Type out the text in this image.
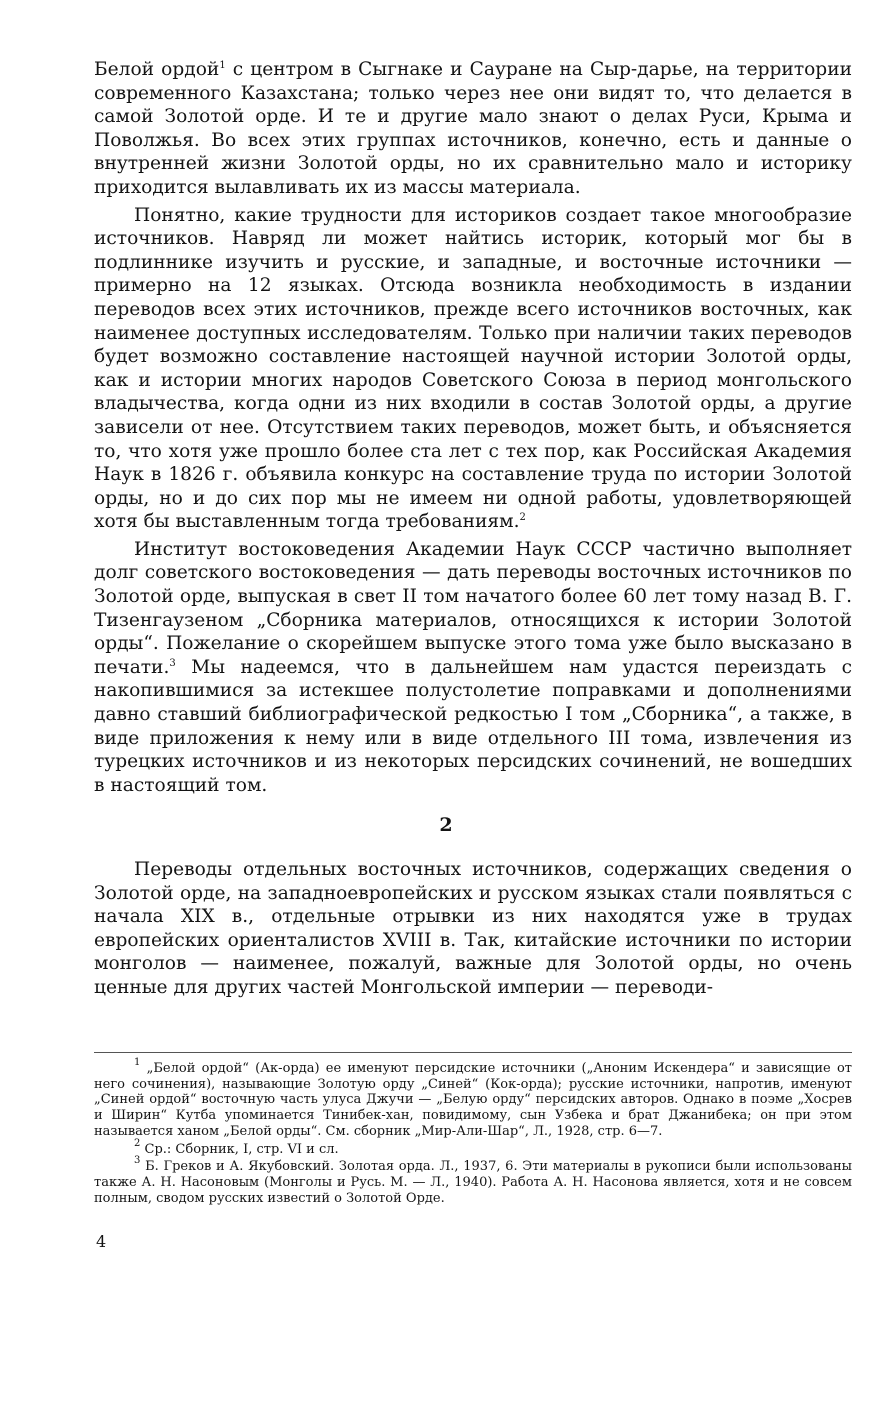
Белой ордой$^1$ с центром в Сыгнаке и Сауране на Сыр-дарье, на территории современного Казахстана; только через нее они видят то, что делается в самой Золотой орде. И те и другие мало знают о делах Руси, Крыма и Поволжья. Во всех этих группах источников, конечно, есть и данные о внутренней жизни Золотой орды, но их сравнительно мало и историку приходится вылавливать их из массы материала.

Понятно, какие трудности для историков создает такое многообразие источников. Навряд ли может найтись историк, который мог бы в подлиннике изучить и русские, и западные, и восточные источники — примерно на 12 языках. Отсюда возникла необходимость в издании переводов всех этих источников, прежде всего источников восточных, как наименее доступных исследователям. Только при наличии таких переводов будет возможно составление настоящей научной истории Золотой орды, как и истории многих народов Советского Союза в период монгольского владычества, когда одни из них входили в состав Золотой орды, а другие зависели от нее. Отсутствием таких переводов, может быть, и объясняется то, что хотя уже прошло более ста лет с тех пор, как Российская Академия Наук в 1826 г. объявила конкурс на составление труда по истории Золотой орды, но и до сих пор мы не имеем ни одной работы, удовлетворяющей хотя бы выставленным тогда требованиям.$^2$

Институт востоковедения Академии Наук СССР частично выполняет долг советского востоковедения — дать переводы восточных источников по Золотой орде, выпуская в свет II том начатого более 60 лет тому назад В. Г. Тизенгаузеном „Сборника материалов, относящихся к истории Золотой орды“. Пожелание о скорейшем выпуске этого тома уже было высказано в печати.$^3$ Мы надеемся, что в дальнейшем нам удастся переиздать с накопившимися за истекшее полустолетие поправками и дополнениями давно ставший библиографической редкостью I том „Сборника“, а также, в виде приложения к нему или в виде отдельного III тома, извлечения из турецких источников и из некоторых персидских сочинений, не вошедших в настоящий том.

2

Переводы отдельных восточных источников, содержащих сведения о Золотой орде, на западноевропейских и русском языках стали появляться с начала XIX в., отдельные отрывки из них находятся уже в трудах европейских ориенталистов XVIII в. Так, китайские источники по истории монголов — наименее, пожалуй, важные для Золотой орды, но очень ценные для других частей Монгольской империи — переводи-

$^1$ „Белой ордой“ (Ак-орда) ее именуют персидские источники („Аноним Искендера“ и зависящие от него сочинения), называющие Золотую орду „Синей“ (Кок-орда); русские источники, напротив, именуют „Синей ордой“ восточную часть улуса Джучи — „Белую орду“ персидских авторов. Однако в поэме „Хосрев и Ширин“ Кутба упоминается Тинибек-хан, повидимому, сын Узбека и брат Джанибека; он при этом называется ханом „Белой орды“. См. сборник „Мир-Али-Шар“, Л., 1928, стр. 6—7.

$^2$ Ср.: Сборник, I, стр. VI и сл.

$^3$ Б. Греков и А. Якубовский. Золотая орда. Л., 1937, 6. Эти материалы в рукописи были использованы также А. Н. Насоновым (Монголы и Русь. М. — Л., 1940). Работа А. Н. Насонова является, хотя и не совсем полным, сводом русских известий о Золотой Орде.

4
